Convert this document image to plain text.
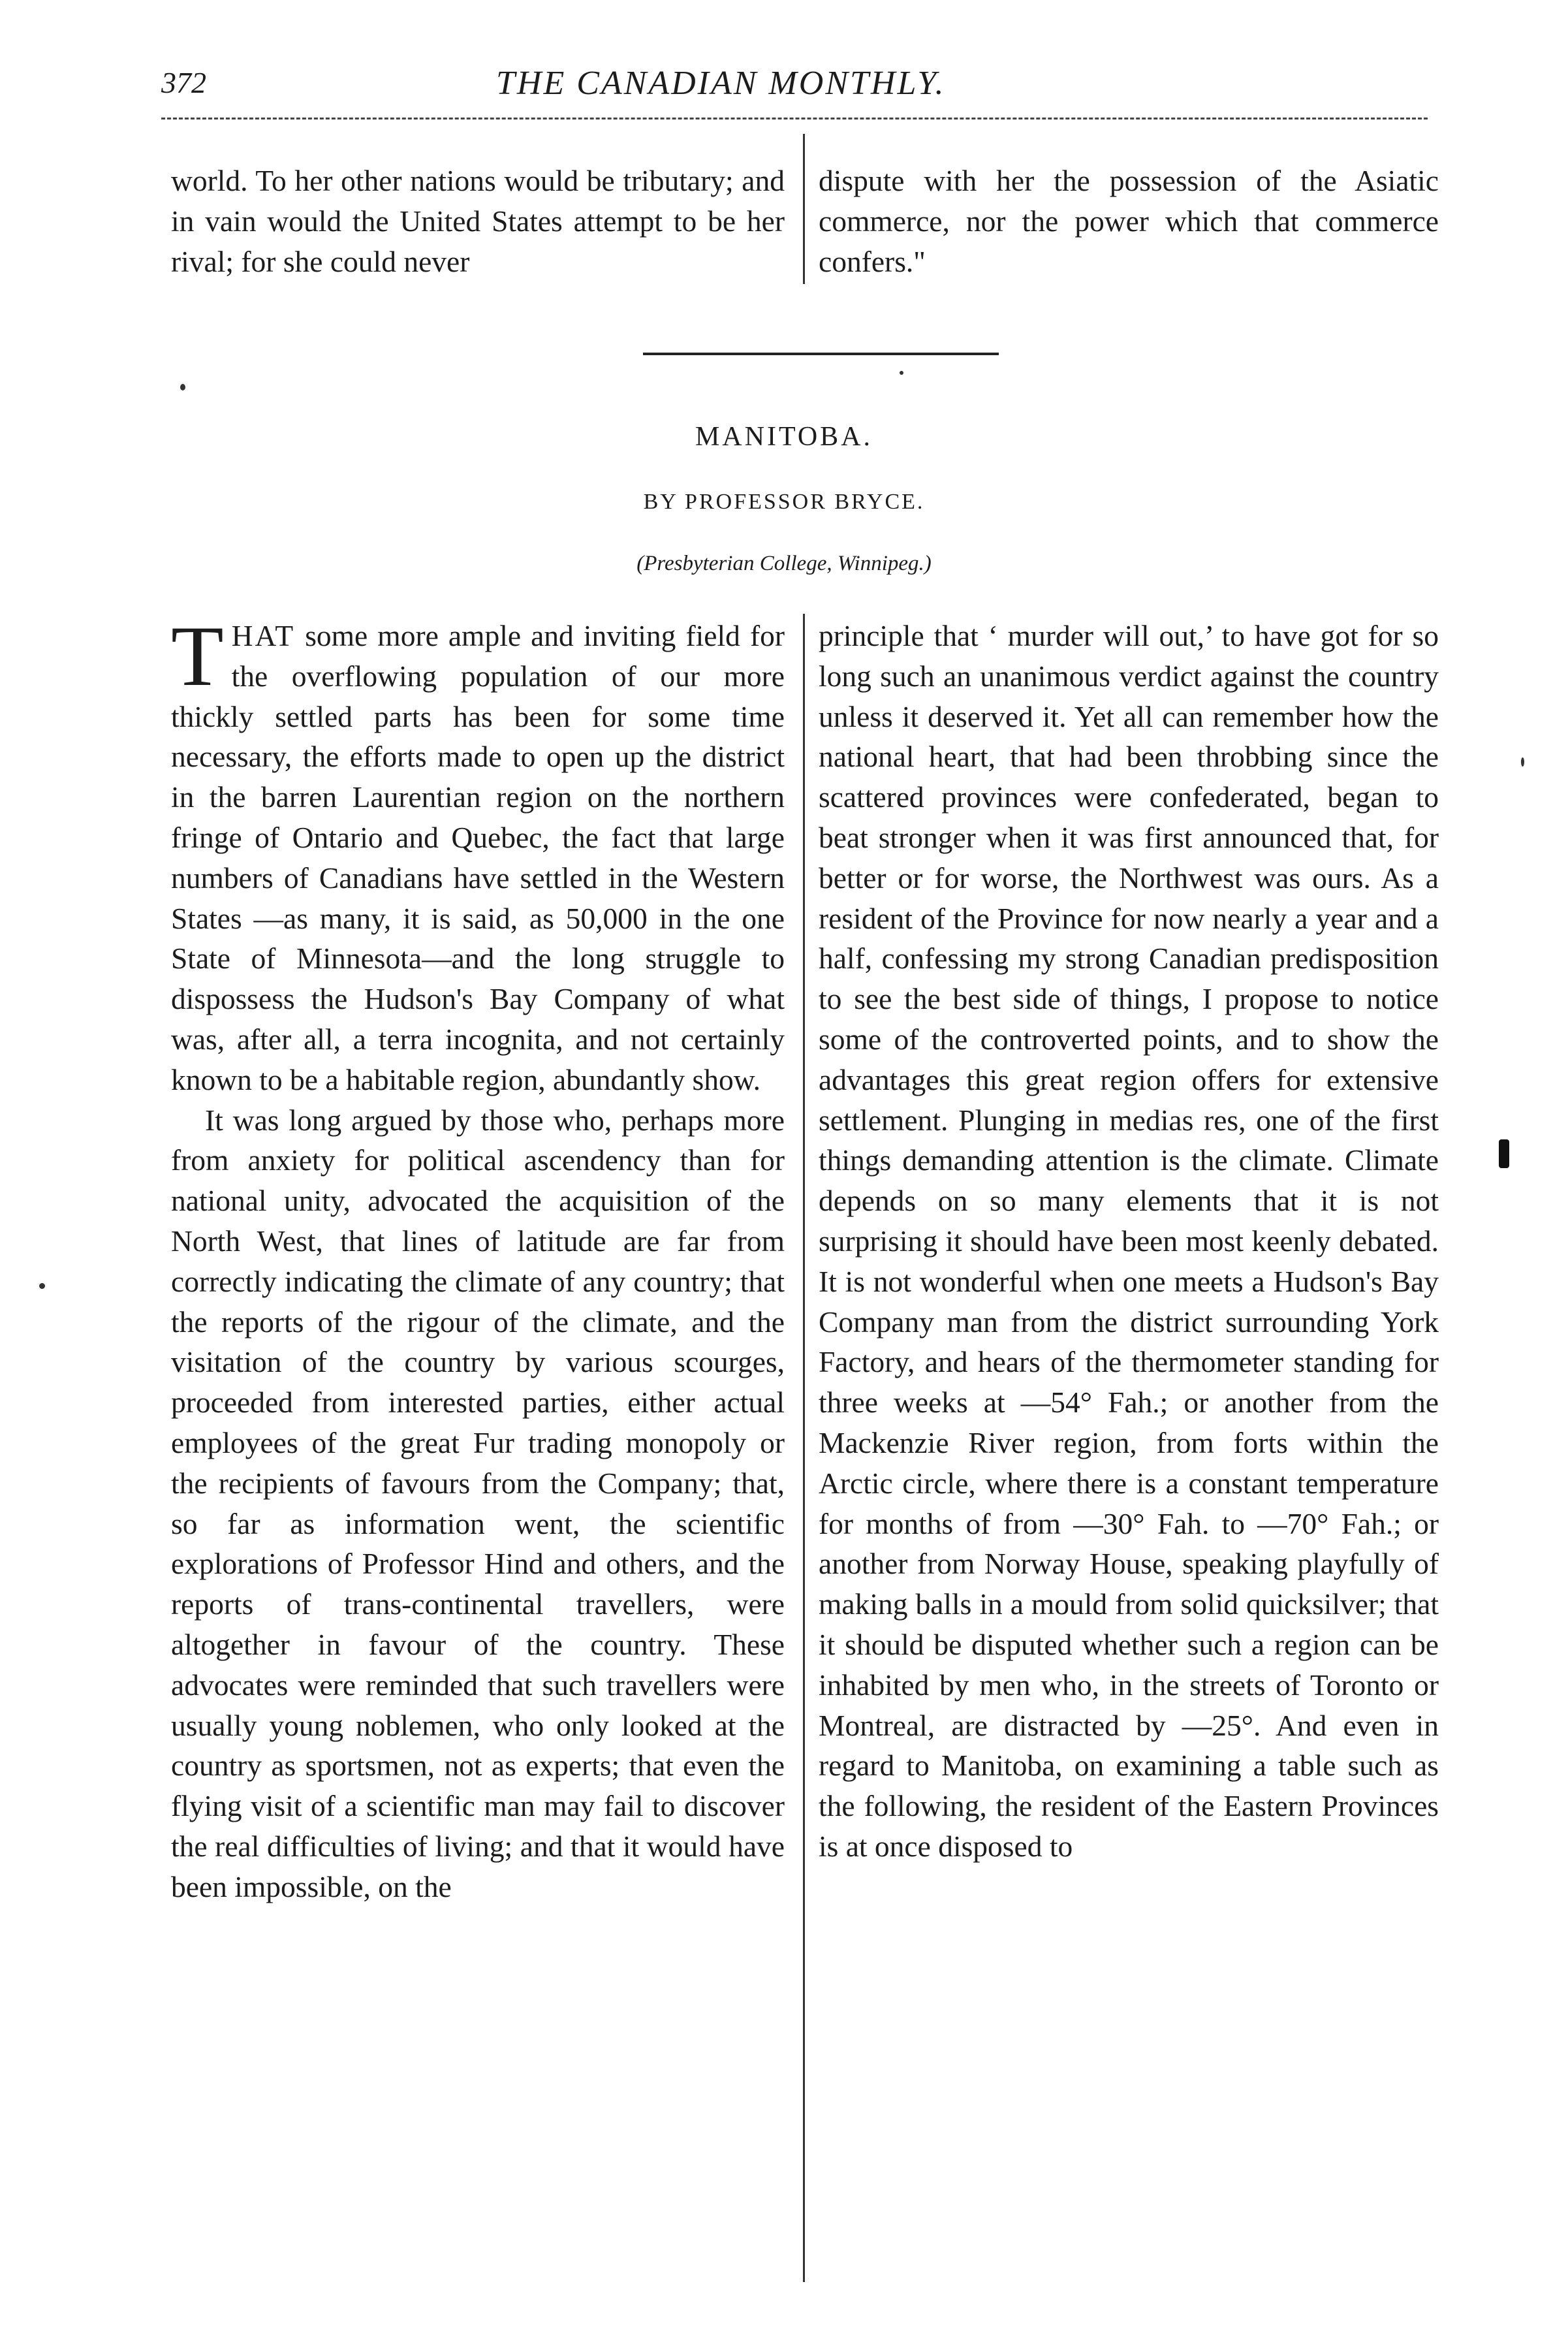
372	THE CANADIAN MONTHLY.

world. To her other nations would be tributary; and in vain would the United States attempt to be her rival; for she could never

dispute with her the possession of the Asiatic commerce, nor the power which that commerce confers."

MANITOBA.
BY PROFESSOR BRYCE.
(Presbyterian College, Winnipeg.)

T HAT some more ample and inviting field for the overflowing population of our more thickly settled parts has been for some time necessary, the efforts made to open up the district in the barren Laurentian region on the northern fringe of Ontario and Quebec, the fact that large numbers of Canadians have settled in the Western States —as many, it is said, as 50,000 in the one State of Minnesota—and the long struggle to dispossess the Hudson's Bay Company of what was, after all, a terra incognita, and not certainly known to be a habitable region, abundantly show.

It was long argued by those who, perhaps more from anxiety for political ascendency than for national unity, advocated the acquisition of the North West, that lines of latitude are far from correctly indicating the climate of any country; that the reports of the rigour of the climate, and the visitation of the country by various scourges, proceeded from interested parties, either actual employees of the great Fur trading monopoly or the recipients of favours from the Company; that, so far as information went, the scientific explorations of Professor Hind and others, and the reports of trans-continental travellers, were altogether in favour of the country. These advocates were reminded that such travellers were usually young noblemen, who only looked at the country as sportsmen, not as experts; that even the flying visit of a scientific man may fail to discover the real difficulties of living; and that it would have been impossible, on the

principle that ‘ murder will out,’ to have got for so long such an unanimous verdict against the country unless it deserved it. Yet all can remember how the national heart, that had been throbbing since the scattered provinces were confederated, began to beat stronger when it was first announced that, for better or for worse, the Northwest was ours. As a resident of the Province for now nearly a year and a half, confessing my strong Canadian predisposition to see the best side of things, I propose to notice some of the controverted points, and to show the advantages this great region offers for extensive settlement. Plunging in medias res, one of the first things demanding attention is the climate. Climate depends on so many elements that it is not surprising it should have been most keenly debated. It is not wonderful when one meets a Hudson's Bay Company man from the district surrounding York Factory, and hears of the thermometer standing for three weeks at —54° Fah.; or another from the Mackenzie River region, from forts within the Arctic circle, where there is a constant temperature for months of from —30° Fah. to —70° Fah.; or another from Norway House, speaking playfully of making balls in a mould from solid quicksilver; that it should be disputed whether such a region can be inhabited by men who, in the streets of Toronto or Montreal, are distracted by —25°. And even in regard to Manitoba, on examining a table such as the following, the resident of the Eastern Provinces is at once disposed to
